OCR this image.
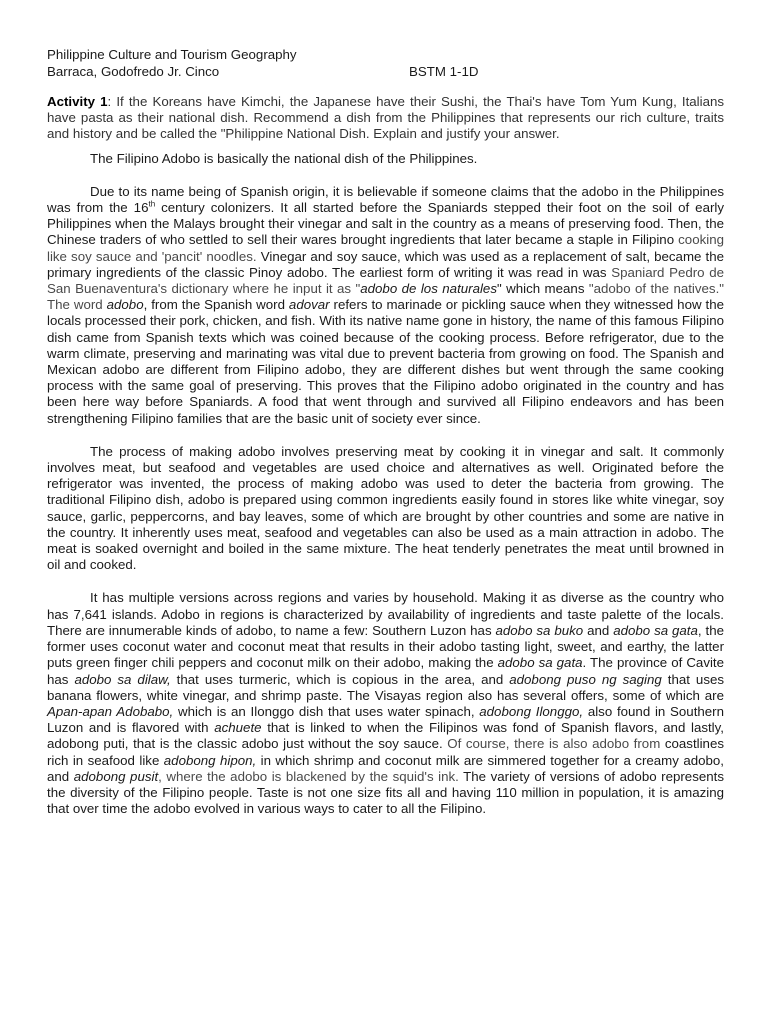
Philippine Culture and Tourism Geography
Barraca, Godofredo Jr. Cinco	BSTM 1-1D

Activity 1: If the Koreans have Kimchi, the Japanese have their Sushi, the Thai's have Tom Yum Kung, Italians have pasta as their national dish. Recommend a dish from the Philippines that represents our rich culture, traits and history and be called the "Philippine National Dish. Explain and justify your answer.

The Filipino Adobo is basically the national dish of the Philippines.

Due to its name being of Spanish origin, it is believable if someone claims that the adobo in the Philippines was from the 16th century colonizers. It all started before the Spaniards stepped their foot on the soil of early Philippines when the Malays brought their vinegar and salt in the country as a means of preserving food. Then, the Chinese traders of who settled to sell their wares brought ingredients that later became a staple in Filipino cooking like soy sauce and 'pancit' noodles. Vinegar and soy sauce, which was used as a replacement of salt, became the primary ingredients of the classic Pinoy adobo. The earliest form of writing it was read in was Spaniard Pedro de San Buenaventura's dictionary where he input it as "adobo de los naturales" which means "adobo of the natives." The word adobo, from the Spanish word adovar refers to marinade or pickling sauce when they witnessed how the locals processed their pork, chicken, and fish. With its native name gone in history, the name of this famous Filipino dish came from Spanish texts which was coined because of the cooking process. Before refrigerator, due to the warm climate, preserving and marinating was vital due to prevent bacteria from growing on food. The Spanish and Mexican adobo are different from Filipino adobo, they are different dishes but went through the same cooking process with the same goal of preserving. This proves that the Filipino adobo originated in the country and has been here way before Spaniards. A food that went through and survived all Filipino endeavors and has been strengthening Filipino families that are the basic unit of society ever since.

The process of making adobo involves preserving meat by cooking it in vinegar and salt. It commonly involves meat, but seafood and vegetables are used choice and alternatives as well. Originated before the refrigerator was invented, the process of making adobo was used to deter the bacteria from growing. The traditional Filipino dish, adobo is prepared using common ingredients easily found in stores like white vinegar, soy sauce, garlic, peppercorns, and bay leaves, some of which are brought by other countries and some are native in the country. It inherently uses meat, seafood and vegetables can also be used as a main attraction in adobo. The meat is soaked overnight and boiled in the same mixture. The heat tenderly penetrates the meat until browned in oil and cooked.

It has multiple versions across regions and varies by household. Making it as diverse as the country who has 7,641 islands. Adobo in regions is characterized by availability of ingredients and taste palette of the locals. There are innumerable kinds of adobo, to name a few: Southern Luzon has adobo sa buko and adobo sa gata, the former uses coconut water and coconut meat that results in their adobo tasting light, sweet, and earthy, the latter puts green finger chili peppers and coconut milk on their adobo, making the adobo sa gata. The province of Cavite has adobo sa dilaw, that uses turmeric, which is copious in the area, and adobong puso ng saging that uses banana flowers, white vinegar, and shrimp paste. The Visayas region also has several offers, some of which are Apan-apan Adobabo, which is an Ilonggo dish that uses water spinach, adobong Ilonggo, also found in Southern Luzon and is flavored with achuete that is linked to when the Filipinos was fond of Spanish flavors, and lastly, adobong puti, that is the classic adobo just without the soy sauce. Of course, there is also adobo from coastlines rich in seafood like adobong hipon, in which shrimp and coconut milk are simmered together for a creamy adobo, and adobong pusit, where the adobo is blackened by the squid's ink. The variety of versions of adobo represents the diversity of the Filipino people. Taste is not one size fits all and having 110 million in population, it is amazing that over time the adobo evolved in various ways to cater to all the Filipino.
